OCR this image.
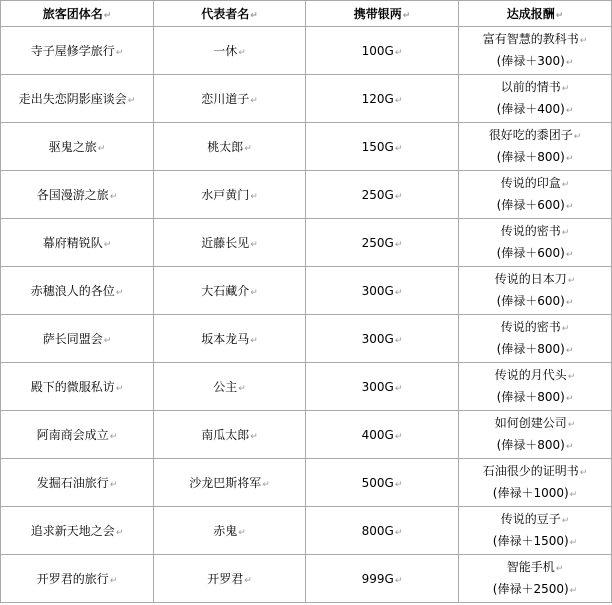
旅客团体名↵	代表者名↵	携带银两↵	达成报酬↵
寺子屋修学旅行↵	一休↵	100G↵	富有智慧的教科书↵
(俸禄＋300)↵

走出失恋阴影座谈会↵	恋川道子↵	120G↵	以前的情书↵
(俸禄＋400)↵

驱鬼之旅↵	桃太郎↵	150G↵	很好吃的黍团子↵
(俸禄＋800)↵

各国漫游之旅↵	水戸黄门↵	250G↵	传说的印盒↵
(俸禄＋600)↵

幕府精锐队↵	近藤长见↵	250G↵	传说的密书↵
(俸禄＋600)↵

赤穗浪人的各位↵	大石藏介↵	300G↵	传说的日本刀↵
(俸禄＋600)↵

萨长同盟会↵	坂本龙马↵	300G↵	传说的密书↵
(俸禄＋800)↵

殿下的微服私访↵	公主↵	300G↵	传说的月代头↵
(俸禄＋800)↵

阿南商会成立↵	南瓜太郎↵	400G↵	如何创建公司↵
(俸禄＋800)↵

发掘石油旅行↵	沙龙巴斯将军↵	500G↵	石油很少的证明书↵
(俸禄＋1000)↵

追求新天地之会↵	赤鬼↵	800G↵	传说的豆子↵
(俸禄＋1500)↵

开罗君的旅行↵	开罗君↵	999G↵	智能手机↵
(俸禄＋2500)↵
